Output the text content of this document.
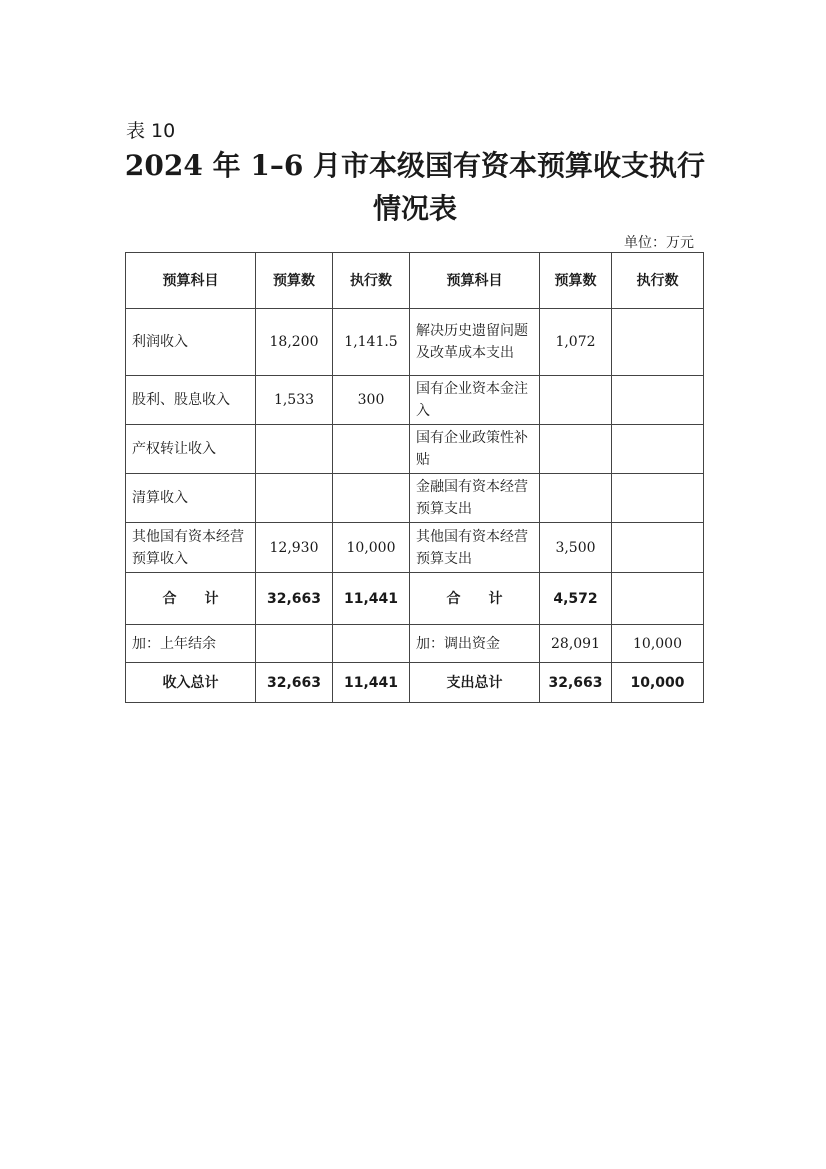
表 10
2024 年 1–6 月市本级国有资本预算收支执行
情况表
单位：万元
预算科目	预算数	执行数	预算科目	预算数	执行数
利润收入	18,200	1,141.5	解决历史遗留问题及改革成本支出	1,072	
股利、股息收入	1,533	300	国有企业资本金注入		
产权转让收入			国有企业政策性补贴		
清算收入			金融国有资本经营预算支出		
其他国有资本经营预算收入	12,930	10,000	其他国有资本经营预算支出	3,500	
合　　计	32,663	11,441	合　　计	4,572	
加：上年结余			加：调出资金	28,091	10,000
收入总计	32,663	11,441	支出总计	32,663	10,000
